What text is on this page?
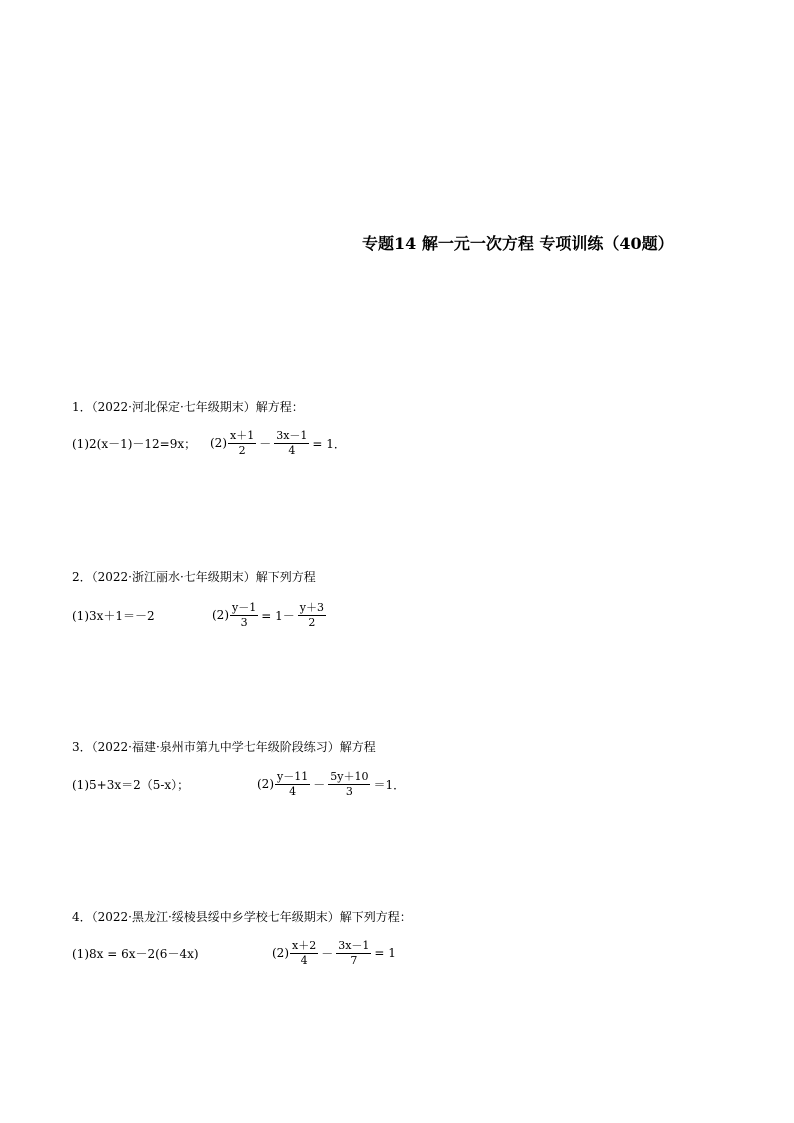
专题14 解一元一次方程 专项训练（40题）
1．（2022·河北保定·七年级期末）解方程：
(1)2(x－1)－12=9x； $(2) \frac{x+1}{2} - \frac{3x-1}{4} = 1$．
2．（2022·浙江丽水·七年级期末）解下列方程
(1)3x＋1＝－2	$(2) \frac{y-1}{3} = 1- \frac{y+3}{2}$
3．（2022·福建·泉州市第九中学七年级阶段练习）解方程
(1)5+3x＝2（5-x）；	$(2) \frac{y-11}{4} - \frac{5y+10}{3} =1$．
4．（2022·黑龙江·绥棱县绥中乡学校七年级期末）解下列方程：
(1)8x = 6x－2(6－4x)	$(2) \frac{x+2}{4} - \frac{3x-1}{7} = 1$
